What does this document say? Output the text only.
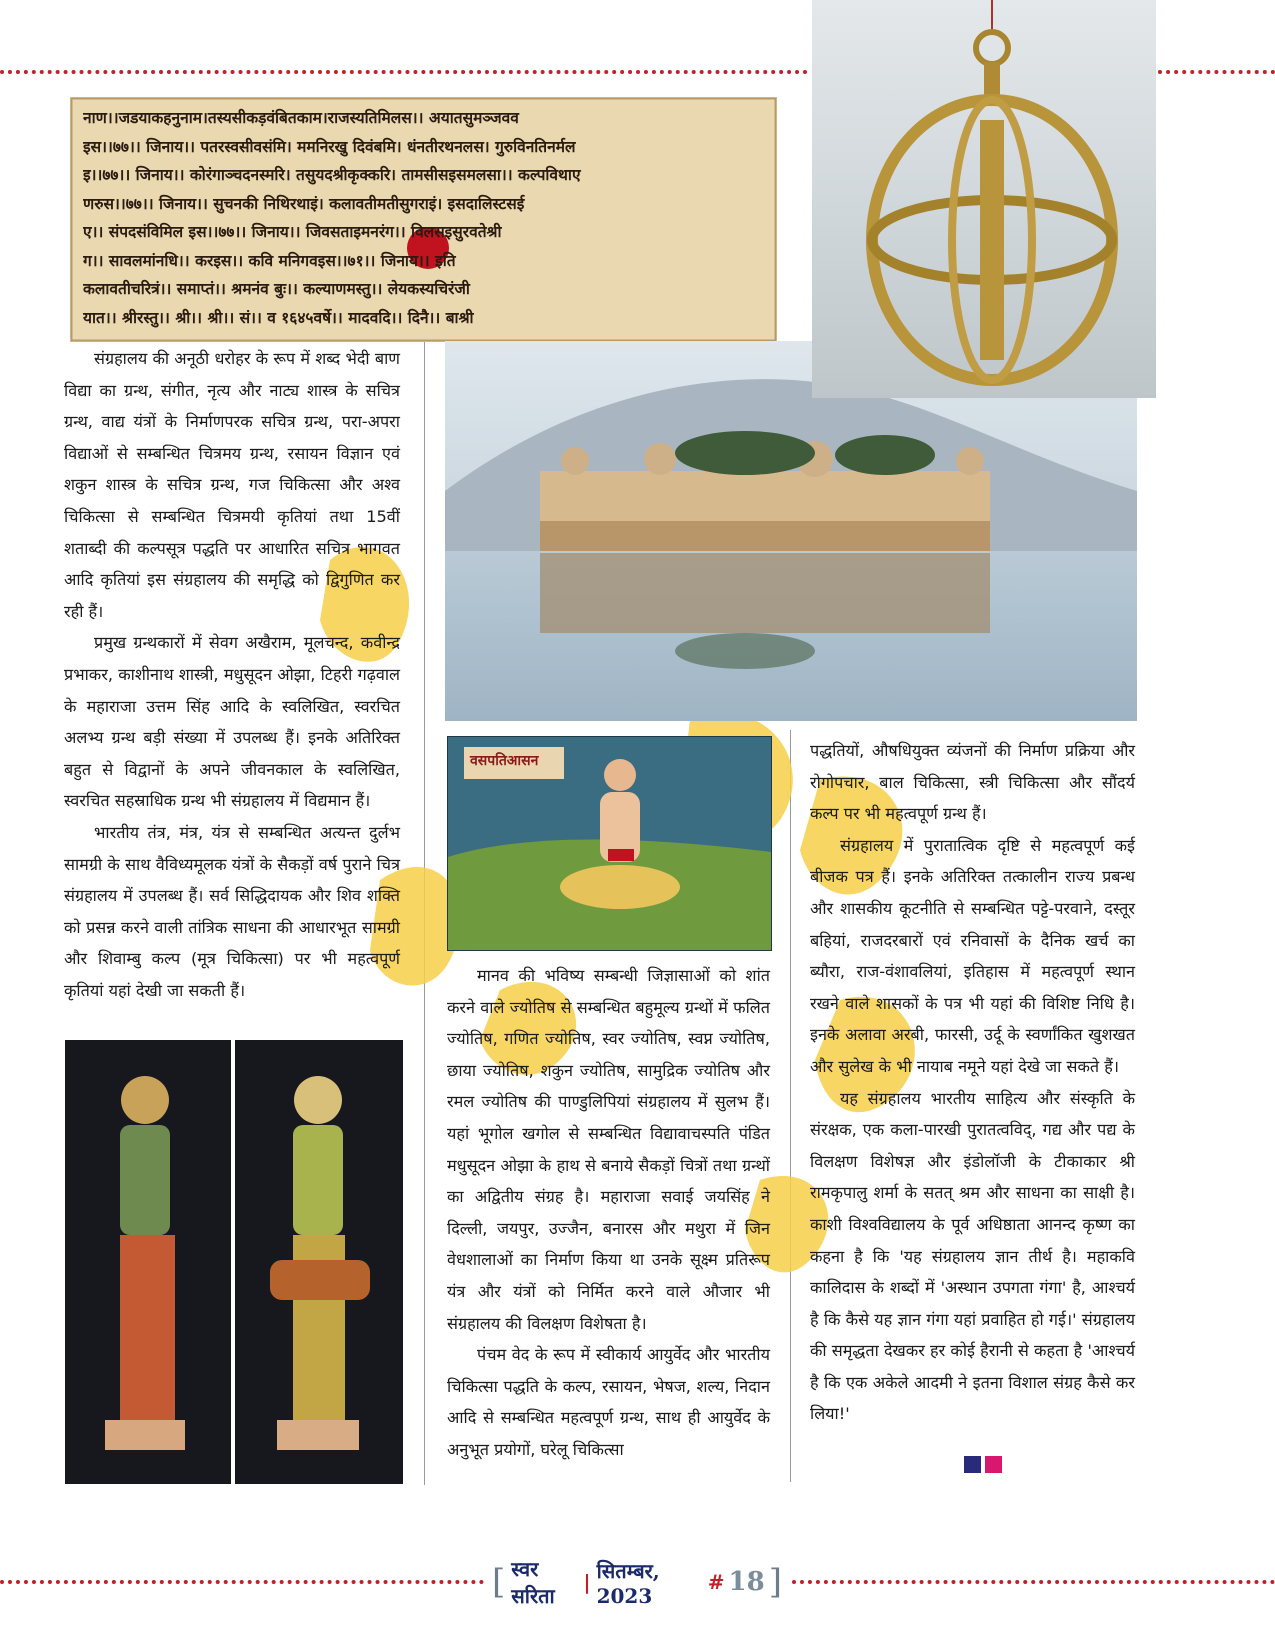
नाण।।जडयाकहनुनाम।तस्यसीकड़वंबितकाम।राजस्यतिमिलस।। अयातसुमञ्जवव
इस।।७७।। जिनाय।। पतरस्वसीवसंमि। ममनिरखु दिवंबमि। धंनतीरथनलस। गुरुविनतिनर्मल
इ।।७७।। जिनाय।। कोरंगाञ्चदनस्मरि। तसुयदश्रीकृक्करि। तामसीसइसमलसा।। कल्पविथाए
णरुस।।७७।। जिनाय।। सुचनकी निथिरथाइं। कलावतीमतीसुगराइं। इसदालिस्टसई
ए।। संपदसंविमिल इस।।७७।। जिनाय।। जिवसताइमनरंग।। विलसइसुरवतेश्री
ग।। सावलमांनधि।। करइस।। कवि मनिगवइस।।७१।। जिनाय।। इति
कलावतीचरित्रं।। समाप्तं।। श्रमनंव बुः।। कल्याणमस्तु।। लेयकस्यचिरंजी
यात।। श्रीरस्तु।। श्री।। श्री।। सं।। व १६४५वर्षे।। मादवदि।। दिनै।। बाश्री
वसपतिआसन

संग्रहालय की अनूठी धरोहर के रूप में शब्द भेदी बाण विद्या का ग्रन्थ, संगीत, नृत्य और नाट्य शास्त्र के सचित्र ग्रन्थ, वाद्य यंत्रों के निर्माणपरक सचित्र ग्रन्थ, परा-अपरा विद्याओं से सम्बन्धित चित्रमय ग्रन्थ, रसायन विज्ञान एवं शकुन शास्त्र के सचित्र ग्रन्थ, गज चिकित्सा और अश्व चिकित्सा से सम्बन्धित चित्रमयी कृतियां तथा 15वीं शताब्दी की कल्पसूत्र पद्धति पर आधारित सचित्र भागवत आदि कृतियां इस संग्रहालय की समृद्धि को द्विगुणित कर रही हैं।

प्रमुख ग्रन्थकारों में सेवग अखैराम, मूलचन्द, कवीन्द्र प्रभाकर, काशीनाथ शास्त्री, मधुसूदन ओझा, टिहरी गढ़वाल के महाराजा उत्तम सिंह आदि के स्वलिखित, स्वरचित अलभ्य ग्रन्थ बड़ी संख्या में उपलब्ध हैं। इनके अतिरिक्त बहुत से विद्वानों के अपने जीवनकाल के स्वलिखित, स्वरचित सहस्राधिक ग्रन्थ भी संग्रहालय में विद्यमान हैं।

भारतीय तंत्र, मंत्र, यंत्र से सम्बन्धित अत्यन्त दुर्लभ सामग्री के साथ वैविध्यमूलक यंत्रों के सैकड़ों वर्ष पुराने चित्र संग्रहालय में उपलब्ध हैं। सर्व सिद्धिदायक और शिव शक्ति को प्रसन्न करने वाली तांत्रिक साधना की आधारभूत सामग्री और शिवाम्बु कल्प (मूत्र चिकित्सा) पर भी महत्वपूर्ण कृतियां यहां देखी जा सकती हैं।

मानव की भविष्य सम्बन्धी जिज्ञासाओं को शांत करने वाले ज्योतिष से सम्बन्धित बहुमूल्य ग्रन्थों में फलित ज्योतिष, गणित ज्योतिष, स्वर ज्योतिष, स्वप्न ज्योतिष, छाया ज्योतिष, शकुन ज्योतिष, सामुद्रिक ज्योतिष और रमल ज्योतिष की पाण्डुलिपियां संग्रहालय में सुलभ हैं। यहां भूगोल खगोल से सम्बन्धित विद्यावाचस्पति पंडित मधुसूदन ओझा के हाथ से बनाये सैकड़ों चित्रों तथा ग्रन्थों का अद्वितीय संग्रह है। महाराजा सवाई जयसिंह ने दिल्ली, जयपुर, उज्जैन, बनारस और मथुरा में जिन वेधशालाओं का निर्माण किया था उनके सूक्ष्म प्रतिरूप यंत्र और यंत्रों को निर्मित करने वाले औजार भी संग्रहालय की विलक्षण विशेषता है।

पंचम वेद के रूप में स्वीकार्य आयुर्वेद और भारतीय चिकित्सा पद्धति के कल्प, रसायन, भेषज, शल्य, निदान आदि से सम्बन्धित महत्वपूर्ण ग्रन्थ, साथ ही आयुर्वेद के अनुभूत प्रयोगों, घरेलू चिकित्सा

पद्धतियों, औषधियुक्त व्यंजनों की निर्माण प्रक्रिया और रोगोपचार, बाल चिकित्सा, स्त्री चिकित्सा और सौंदर्य कल्प पर भी महत्वपूर्ण ग्रन्थ हैं।

संग्रहालय में पुरातात्विक दृष्टि से महत्वपूर्ण कई बीजक पत्र हैं। इनके अतिरिक्त तत्कालीन राज्य प्रबन्ध और शासकीय कूटनीति से सम्बन्धित पट्टे-परवाने, दस्तूर बहियां, राजदरबारों एवं रनिवासों के दैनिक खर्च का ब्यौरा, राज-वंशावलियां, इतिहास में महत्वपूर्ण स्थान रखने वाले शासकों के पत्र भी यहां की विशिष्ट निधि है। इनके अलावा अरबी, फारसी, उर्दू के स्वर्णांकित खुशखत और सुलेख के भी नायाब नमूने यहां देखे जा सकते हैं।

यह संग्रहालय भारतीय साहित्य और संस्कृति के संरक्षक, एक कला-पारखी पुरातत्वविद्, गद्य और पद्य के विलक्षण विशेषज्ञ और इंडोलॉजी के टीकाकार श्री रामकृपालु शर्मा के सतत् श्रम और साधना का साक्षी है। काशी विश्वविद्यालय के पूर्व अधिष्ठाता आनन्द कृष्ण का कहना है कि 'यह संग्रहालय ज्ञान तीर्थ है। महाकवि कालिदास के शब्दों में 'अस्थान उपगता गंगा' है, आश्चर्य है कि कैसे यह ज्ञान गंगा यहां प्रवाहित हो गई।' संग्रहालय की समृद्धता देखकर हर कोई हैरानी से कहता है 'आश्चर्य है कि एक अकेले आदमी ने इतना विशाल संग्रह कैसे कर लिया!'

[ स्वर सरिता
| सितम्बर, 2023
# 18 ]
